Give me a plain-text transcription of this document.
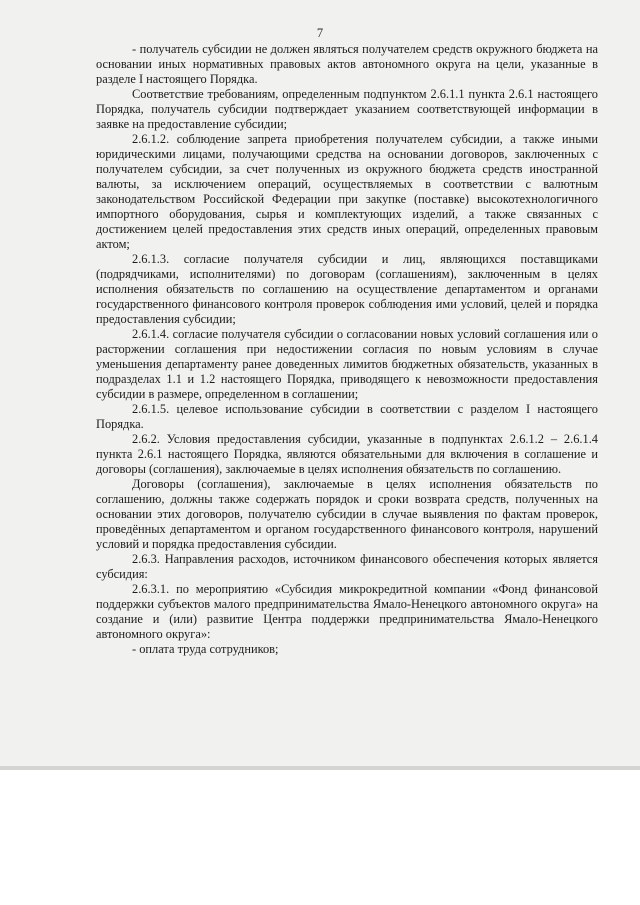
7

- получатель субсидии не должен являться получателем средств окружного бюджета на основании иных нормативных правовых актов автономного округа на цели, указанные в разделе I настоящего Порядка.

Соответствие требованиям, определенным подпунктом 2.6.1.1 пункта 2.6.1 настоящего Порядка, получатель субсидии подтверждает указанием соответствующей информации в заявке на предоставление субсидии;

2.6.1.2. соблюдение запрета приобретения получателем субсидии, а также иными юридическими лицами, получающими средства на основании договоров, заключенных с получателем субсидии, за счет полученных из окружного бюджета средств иностранной валюты, за исключением операций, осуществляемых в соответствии с валютным законодательством Российской Федерации при закупке (поставке) высокотехнологичного импортного оборудования, сырья и комплектующих изделий, а также связанных с достижением целей предоставления этих средств иных операций, определенных правовым актом;

2.6.1.3. согласие получателя субсидии и лиц, являющихся поставщиками (подрядчиками, исполнителями) по договорам (соглашениям), заключенным в целях исполнения обязательств по соглашению на осуществление департаментом и органами государственного финансового контроля проверок соблюдения ими условий, целей и порядка предоставления субсидии;

2.6.1.4. согласие получателя субсидии о согласовании новых условий соглашения или о расторжении соглашения при недостижении согласия по новым условиям в случае уменьшения департаменту ранее доведенных лимитов бюджетных обязательств, указанных в подразделах 1.1 и 1.2 настоящего Порядка, приводящего к невозможности предоставления субсидии в размере, определенном в соглашении;

2.6.1.5. целевое использование субсидии в соответствии с разделом I настоящего Порядка.

2.6.2. Условия предоставления субсидии, указанные в подпунктах 2.6.1.2 – 2.6.1.4 пункта 2.6.1 настоящего Порядка, являются обязательными для включения в соглашение и договоры (соглашения), заключаемые в целях исполнения обязательств по соглашению.

Договоры (соглашения), заключаемые в целях исполнения обязательств по соглашению, должны также содержать порядок и сроки возврата средств, полученных на основании этих договоров, получателю субсидии в случае выявления по фактам проверок, проведённых департаментом и органом государственного финансового контроля, нарушений условий и порядка предоставления субсидии.

2.6.3. Направления расходов, источником финансового обеспечения которых является субсидия:

2.6.3.1. по мероприятию «Субсидия микрокредитной компании «Фонд финансовой поддержки субъектов малого предпринимательства Ямало-Ненецкого автономного округа» на создание и (или) развитие Центра поддержки предпринимательства Ямало-Ненецкого автономного округа»:

- оплата труда сотрудников;
